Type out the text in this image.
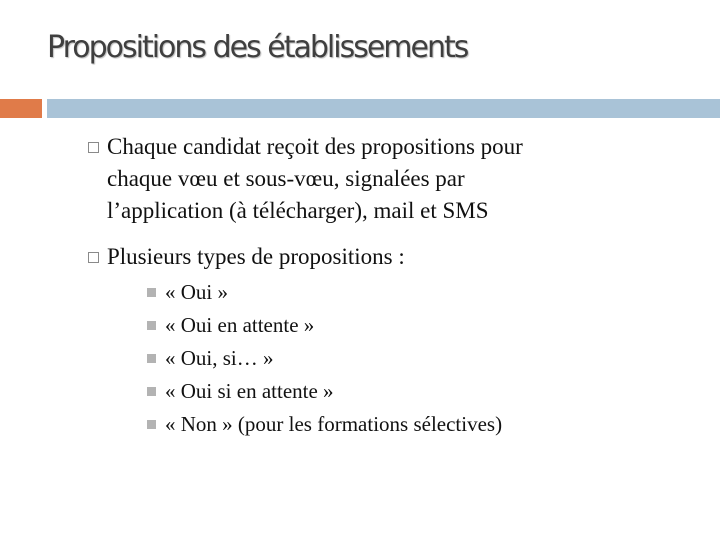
Propositions des établissements
Chaque candidat reçoit des propositions pour
chaque vœu et sous-vœu, signalées par
l’application (à télécharger), mail et SMS
Plusieurs types de propositions :
« Oui »
« Oui en attente »
« Oui, si… »
« Oui si en attente »
« Non » (pour les formations sélectives)
